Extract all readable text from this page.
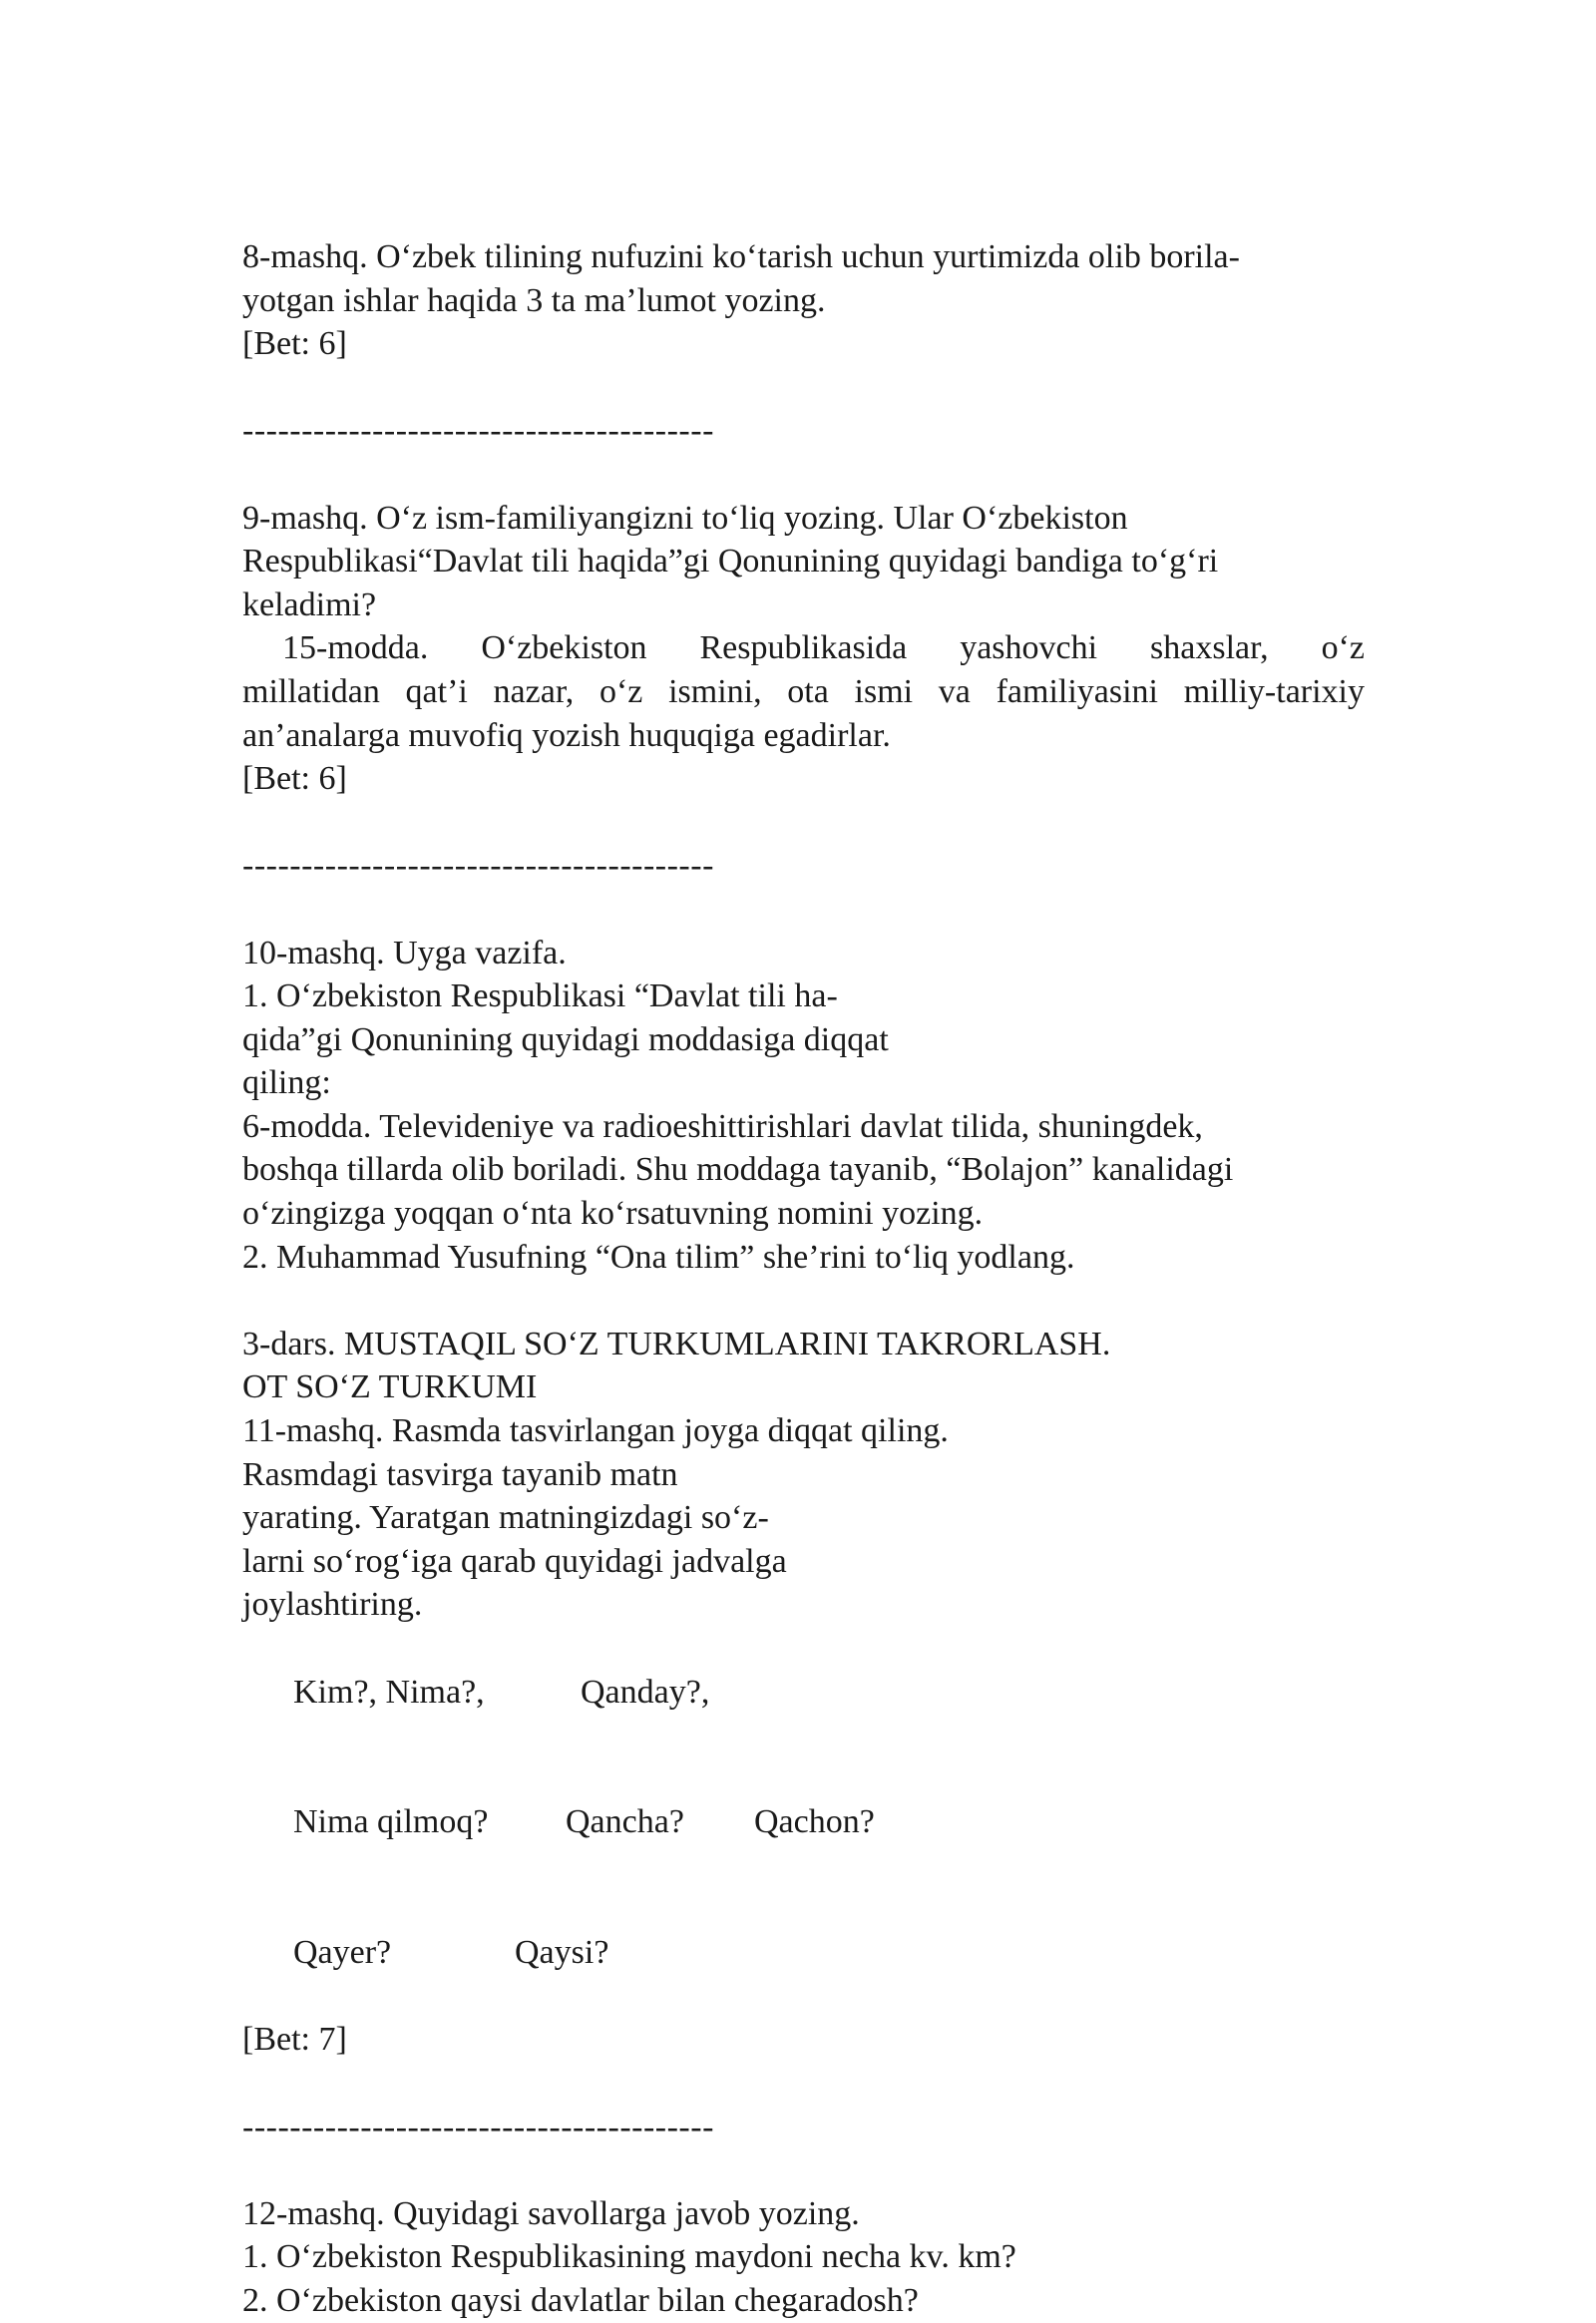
8-mashq. O‘zbek tilining nufuzini ko‘tarish uchun yurtimizda olib borila-
yotgan ishlar haqida 3 ta ma’lumot yozing.
[Bet: 6]
----------------------------------------
9-mashq. O‘z ism-familiyangizni to‘liq yozing. Ular O‘zbekiston
Respublikasi“Davlat tili haqida”gi Qonunining quyidagi bandiga to‘g‘ri
keladimi?
15-modda. O‘zbekiston Respublikasida yashovchi shaxslar, o‘z
millatidan qat’i nazar, o‘z ismini, ota ismi va familiyasini milliy-tarixiy
an’analarga muvofiq yozish huquqiga egadirlar.
[Bet: 6]
----------------------------------------
10-mashq. Uyga vazifa.
1. O‘zbekiston Respublikasi “Davlat tili ha-
qida”gi Qonunining quyidagi moddasiga diqqat
qiling:
6-modda. Televideniye va radioeshittirishlari davlat tilida, shuningdek,
boshqa tillarda olib boriladi. Shu moddaga tayanib, “Bolajon” kanalidagi
o‘zingizga yoqqan o‘nta ko‘rsatuvning nomini yozing.
2. Muhammad Yusufning “Ona tilim” she’rini to‘liq yodlang.
3-dars. MUSTAQIL SO‘Z TURKUMLARINI TAKRORLASH.
OT SO‘Z TURKUMI
11-mashq. Rasmda tasvirlangan joyga diqqat qiling.
Rasmdagi tasvirga tayanib matn
yarating. Yaratgan matningizdagi so‘z-
larni so‘rog‘iga qarab quyidagi jadvalga
joylashtiring.

Kim?, Nima?,	Qanday?,

Nima qilmoq? Qancha? Qachon?

Qayer?	Qaysi?

[Bet: 7]
----------------------------------------
12-mashq. Quyidagi savollarga javob yozing.
1. O‘zbekiston Respublikasining maydoni necha kv. km?
2. O‘zbekiston qaysi davlatlar bilan chegaradosh?
